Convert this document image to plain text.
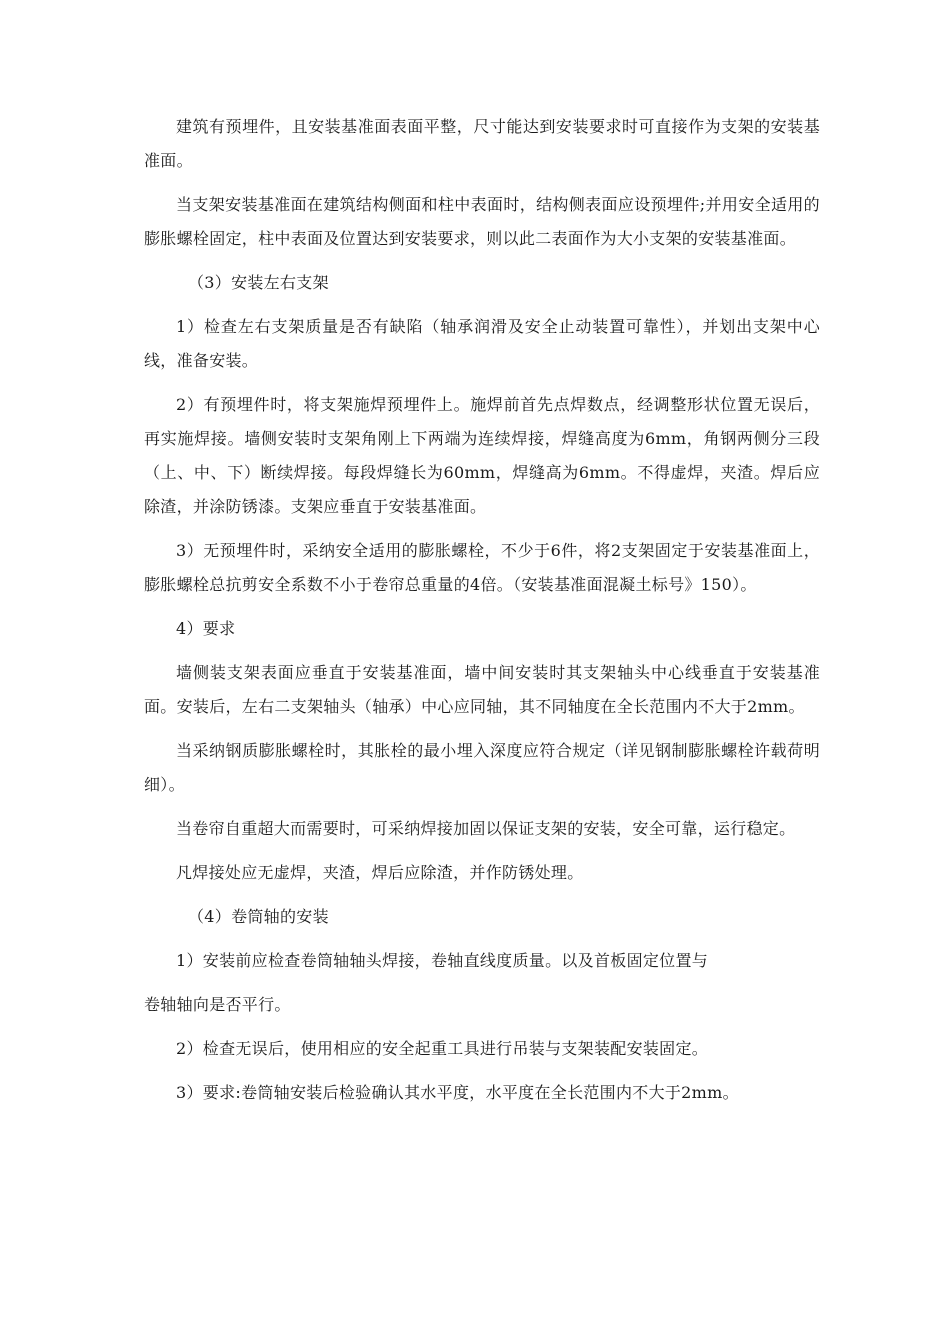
建筑有预埋件，且安装基准面表面平整，尺寸能达到安装要求时可直接作为支架的安装基准面。

当支架安装基准面在建筑结构侧面和柱中表面时，结构侧表面应设预埋件;并用安全适用的膨胀螺栓固定，柱中表面及位置达到安装要求，则以此二表面作为大小支架的安装基准面。

（3）安装左右支架

1）检查左右支架质量是否有缺陷（轴承润滑及安全止动装置可靠性），并划出支架中心线，准备安装。

2）有预埋件时，将支架施焊预埋件上。施焊前首先点焊数点，经调整形状位置无误后，再实施焊接。墙侧安装时支架角刚上下两端为连续焊接，焊缝高度为6mm，角钢两侧分三段（上、中、下）断续焊接。每段焊缝长为60mm，焊缝高为6mm。不得虚焊，夹渣。焊后应除渣，并涂防锈漆。支架应垂直于安装基准面。

3）无预埋件时，采纳安全适用的膨胀螺栓，不少于6件，将2支架固定于安装基准面上，膨胀螺栓总抗剪安全系数不小于卷帘总重量的4倍。（安装基准面混凝土标号》150）。

4）要求

墙侧装支架表面应垂直于安装基准面，墙中间安装时其支架轴头中心线垂直于安装基准面。安装后，左右二支架轴头（轴承）中心应同轴，其不同轴度在全长范围内不大于2mm。

当采纳钢质膨胀螺栓时，其胀栓的最小埋入深度应符合规定（详见钢制膨胀螺栓许载荷明细）。

当卷帘自重超大而需要时，可采纳焊接加固以保证支架的安装，安全可靠，运行稳定。

凡焊接处应无虚焊，夹渣，焊后应除渣，并作防锈处理。

（4）卷筒轴的安装

1）安装前应检查卷筒轴轴头焊接，卷轴直线度质量。以及首板固定位置与

卷轴轴向是否平行。

2）检查无误后，使用相应的安全起重工具进行吊装与支架装配安装固定。

3）要求:卷筒轴安装后检验确认其水平度，水平度在全长范围内不大于2mm。
